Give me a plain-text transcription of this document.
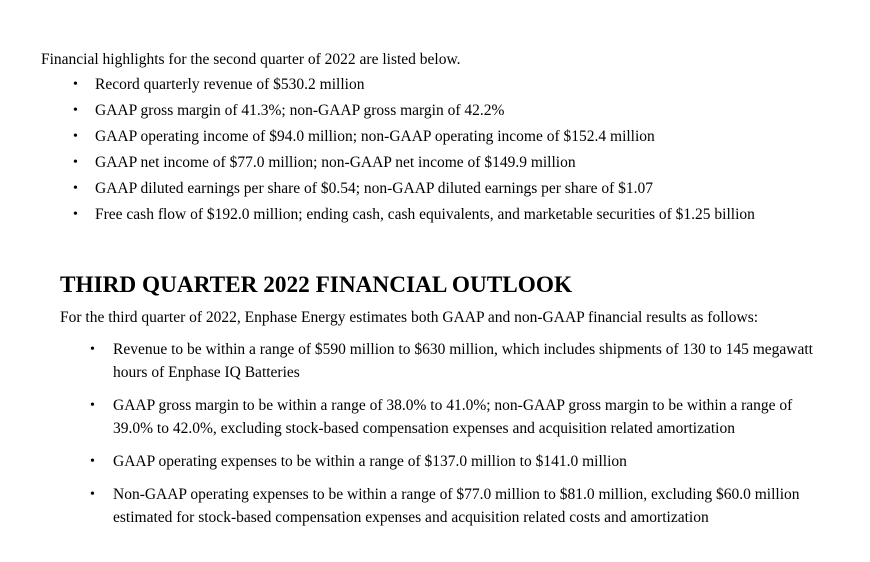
Financial highlights for the second quarter of 2022 are listed below.

• Record quarterly revenue of $530.2 million
• GAAP gross margin of 41.3%; non-GAAP gross margin of 42.2%
• GAAP operating income of $94.0 million; non-GAAP operating income of $152.4 million
• GAAP net income of $77.0 million; non-GAAP net income of $149.9 million
• GAAP diluted earnings per share of $0.54; non-GAAP diluted earnings per share of $1.07
• Free cash flow of $192.0 million; ending cash, cash equivalents, and marketable securities of $1.25 billion
THIRD QUARTER 2022 FINANCIAL OUTLOOK

For the third quarter of 2022, Enphase Energy estimates both GAAP and non-GAAP financial results as follows:

• Revenue to be within a range of $590 million to $630 million, which includes shipments of 130 to 145 megawatt hours of Enphase IQ Batteries
• GAAP gross margin to be within a range of 38.0% to 41.0%; non-GAAP gross margin to be within a range of 39.0% to 42.0%, excluding stock-based compensation expenses and acquisition related amortization
• GAAP operating expenses to be within a range of $137.0 million to $141.0 million
• Non-GAAP operating expenses to be within a range of $77.0 million to $81.0 million, excluding $60.0 million estimated for stock-based compensation expenses and acquisition related costs and amortization
